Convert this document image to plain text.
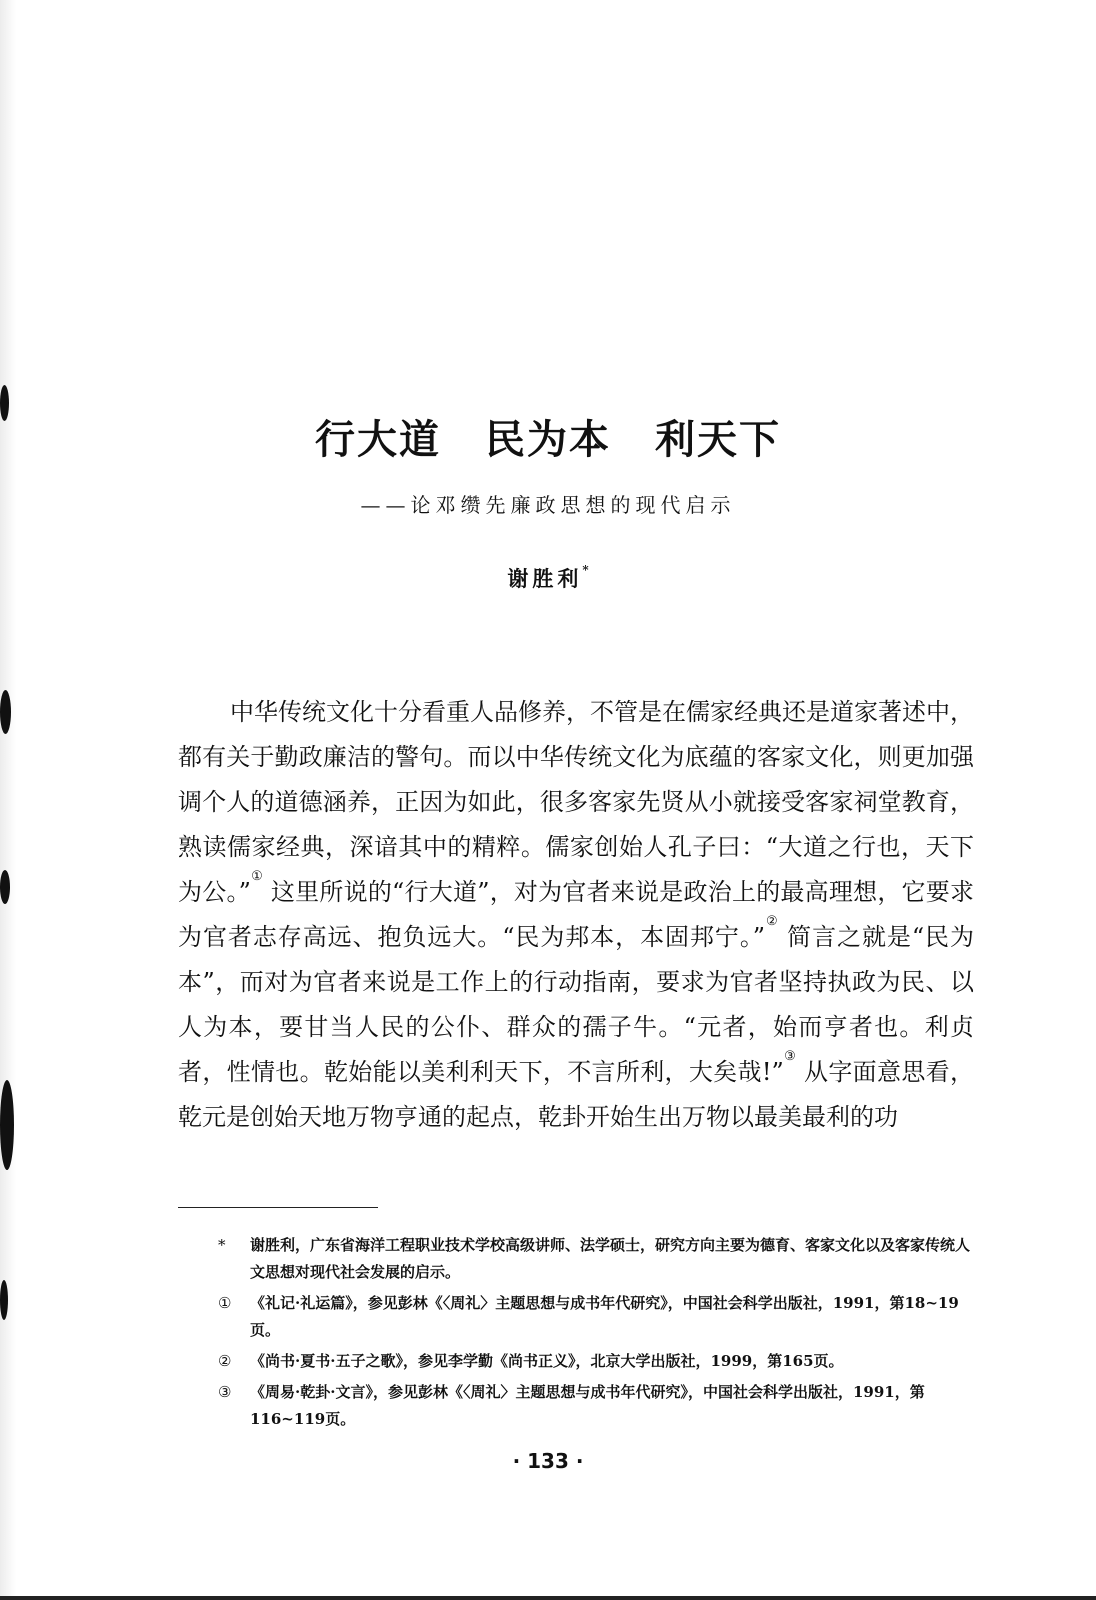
行大道 民为本 利天下
——论邓缵先廉政思想的现代启示
谢胜利*

中华传统文化十分看重人品修养，不管是在儒家经典还是道家著述中，都有关于勤政廉洁的警句。而以中华传统文化为底蕴的客家文化，则更加强调个人的道德涵养，正因为如此，很多客家先贤从小就接受客家祠堂教育，熟读儒家经典，深谙其中的精粹。儒家创始人孔子曰：“大道之行也，天下为公。”① 这里所说的“行大道”，对为官者来说是政治上的最高理想，它要求为官者志存高远、抱负远大。“民为邦本，本固邦宁。”② 简言之就是“民为本”，而对为官者来说是工作上的行动指南，要求为官者坚持执政为民、以人为本，要甘当人民的公仆、群众的孺子牛。“元者，始而亨者也。利贞者，性情也。乾始能以美利利天下，不言所利，大矣哉!”③ 从字面意思看，乾元是创始天地万物亨通的起点，乾卦开始生出万物以最美最利的功

* 谢胜利，广东省海洋工程职业技术学校高级讲师、法学硕士，研究方向主要为德育、客家文化以及客家传统人文思想对现代社会发展的启示。
① 《礼记·礼运篇》，参见彭林《〈周礼〉主题思想与成书年代研究》，中国社会科学出版社，1991，第18~19页。
② 《尚书·夏书·五子之歌》，参见李学勤《尚书正义》，北京大学出版社，1999，第165页。
③ 《周易·乾卦·文言》，参见彭林《〈周礼〉主题思想与成书年代研究》，中国社会科学出版社，1991，第116~119页。
· 133 ·
